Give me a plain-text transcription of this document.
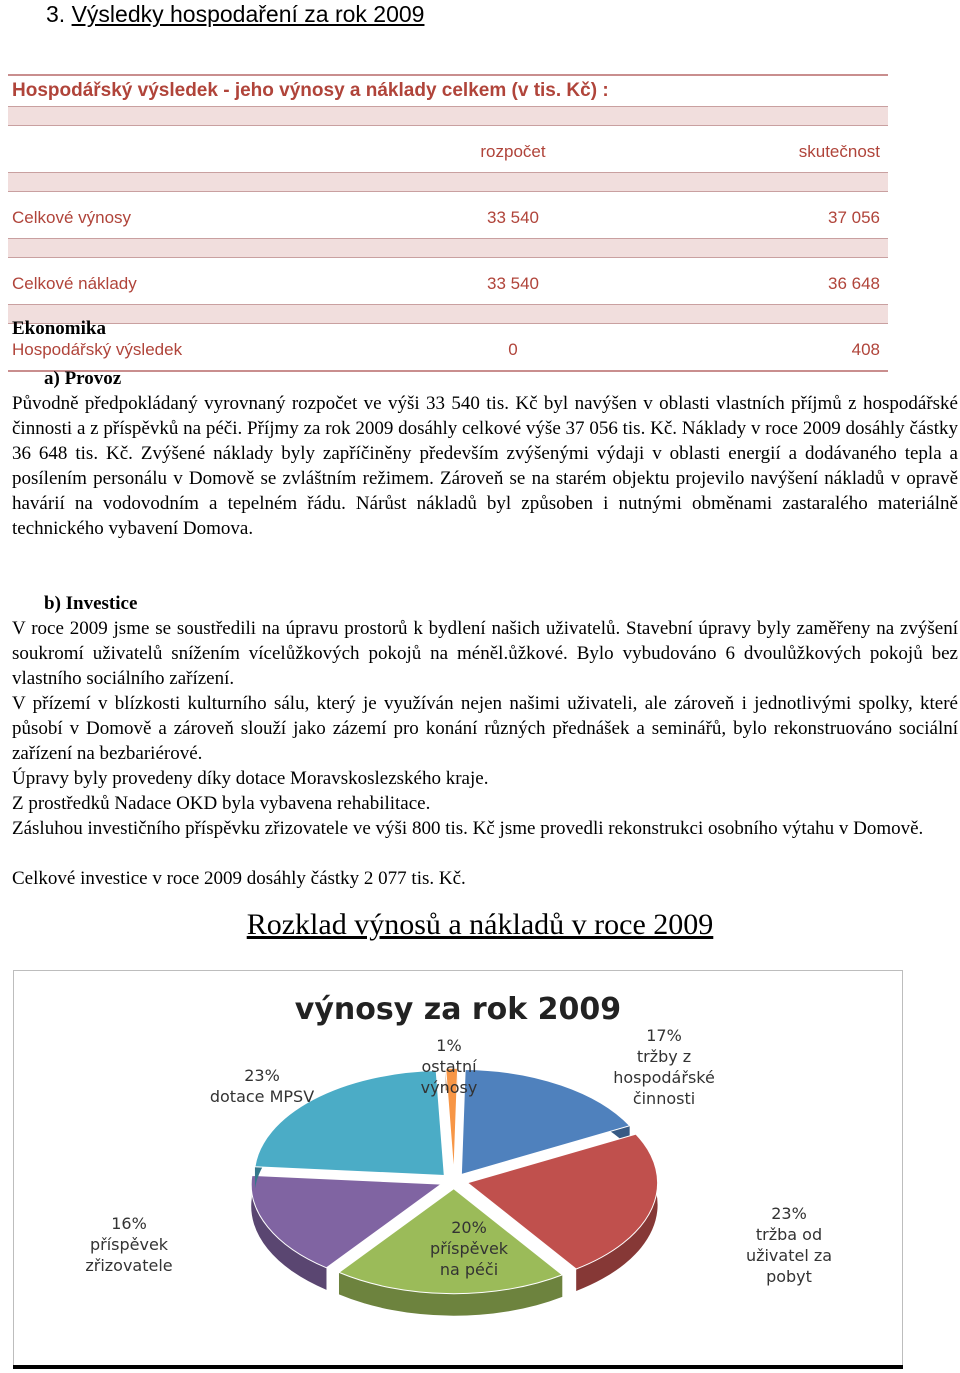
3. Výsledky hospodaření za rok 2009
Hospodářský výsledek - jeho výnosy a náklady celkem (v tis. Kč) :
rozpočet	skutečnost
Celkové výnosy	33 540	37 056
Celkové náklady	33 540	36 648
Hospodářský výsledek	0	408
Ekonomika
a) Provoz
Původně předpokládaný vyrovnaný rozpočet ve výši 33 540 tis. Kč byl navýšen v oblasti vlastních příjmů z hospodářské činnosti a z příspěvků na péči. Příjmy za rok 2009 dosáhly celkové výše 37 056 tis. Kč. Náklady v roce 2009 dosáhly částky 36 648 tis. Kč. Zvýšené náklady byly zapříčiněny především zvýšenými výdaji v oblasti energií a dodávaného tepla a posílením personálu v Domově se zvláštním režimem. Zároveň se na starém objektu projevilo navýšení nákladů v opravě havárií na vodovodním a tepelném řádu. Nárůst nákladů byl způsoben i nutnými obměnami zastaralého materiálně technického vybavení Domova.
b) Investice
V roce 2009 jsme se soustředili na úpravu prostorů k bydlení našich uživatelů. Stavební úpravy byly zaměřeny na zvýšení soukromí uživatelů snížením vícelůžkových pokojů na méněl.ůžkové. Bylo vybudováno 6 dvoulůžkových pokojů bez vlastního sociálního zařízení.
V přízemí v blízkosti kulturního sálu, který je využíván nejen našimi uživateli, ale zároveň i jednotlivými spolky, které působí v Domově a zároveň slouží jako zázemí pro konání různých přednášek a seminářů, bylo rekonstruováno sociální zařízení na bezbariérové.
Úpravy byly provedeny díky dotace Moravskoslezského kraje.
Z prostředků Nadace OKD byla vybavena rehabilitace.
Zásluhou investičního příspěvku zřizovatele ve výši 800 tis. Kč jsme provedli rekonstrukci osobního výtahu v Domově.
Celkové investice v roce 2009 dosáhly částky 2 077 tis. Kč.
Rozklad výnosů a nákladů v roce 2009
výnosy za rok 2009
17%
tržby z
hospodářské
činnosti
23%
tržba od
uživatel za
pobyt
20%
příspěvek
na péči
16%
příspěvek
zřizovatele
23%
dotace MPSV
1%
ostatní
výnosy
